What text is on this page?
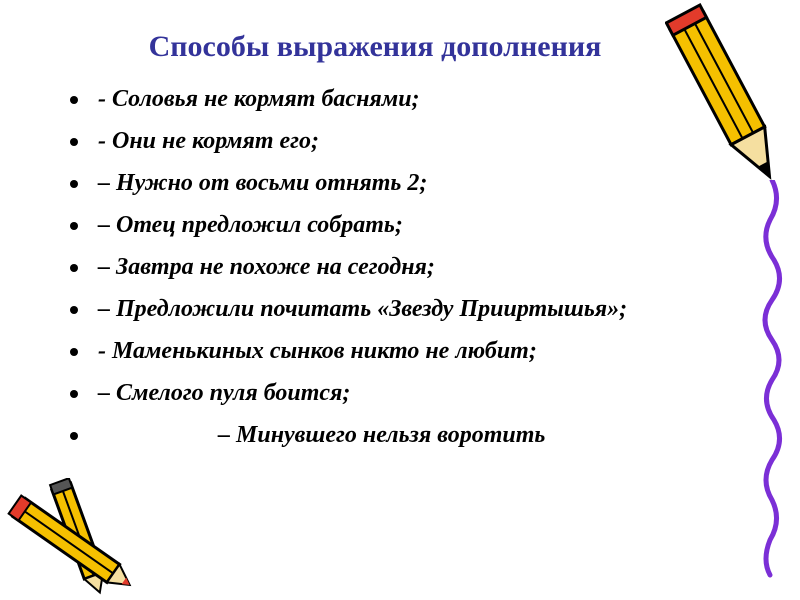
Способы выражения дополнения
- Соловья не кормят баснями;
- Они не кормят его;
– Нужно от восьми отнять 2;
– Отец предложил собрать;
– Завтра не похоже на сегодня;
– Предложили почитать «Звезду Прииртышья»;
- Маменькиных сынков никто не любит;
– Смелого пуля боится;
– Минувшего нельзя воротить
